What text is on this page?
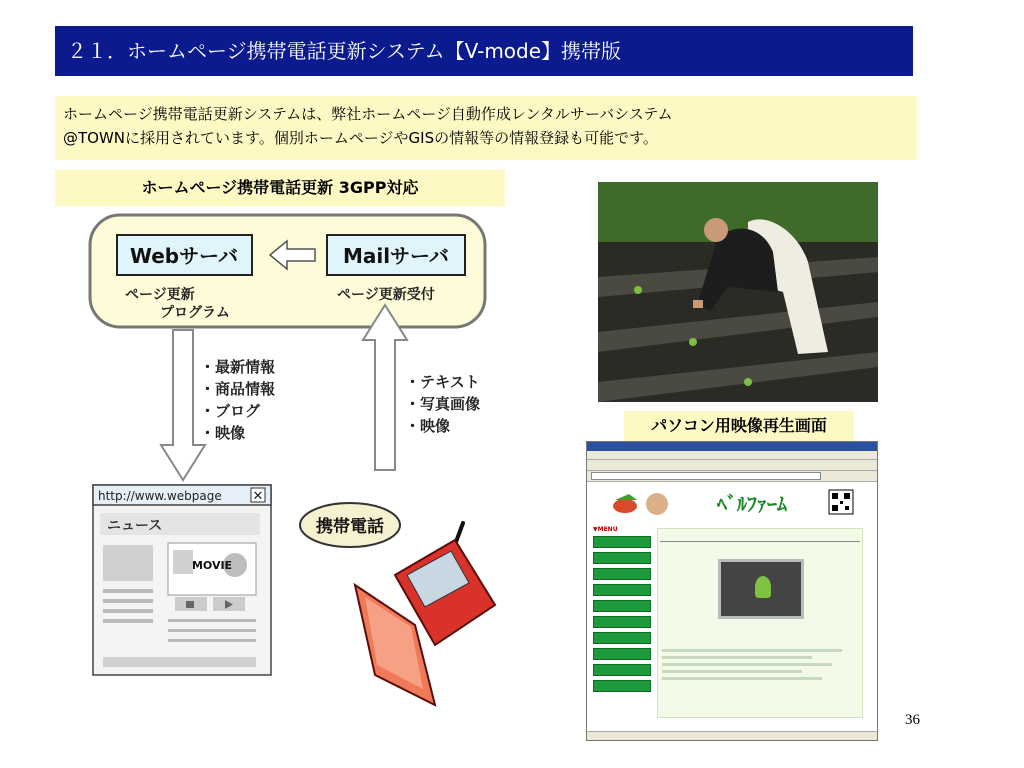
２１．ホームページ携帯電話更新システム【V-mode】携帯版
ホームページ携帯電話更新システムは、弊社ホームページ自動作成レンタルサーバシステム
@TOWNに採用されています。個別ホームページやGISの情報等の情報登録も可能です。
ホームページ携帯電話更新 3GPP対応
Webサーバ	Mailサーバ
ページ更新
プログラム
ページ更新受付
・最新情報
・商品情報
・ブログ
・映像
・テキスト
・写真画像
・映像
http://www.webpage ✕
ニュース
MOVIE
携帯電話
パソコン用映像再生画面
ﾍﾞﾙﾌｧｰﾑ
▼MENU
36
